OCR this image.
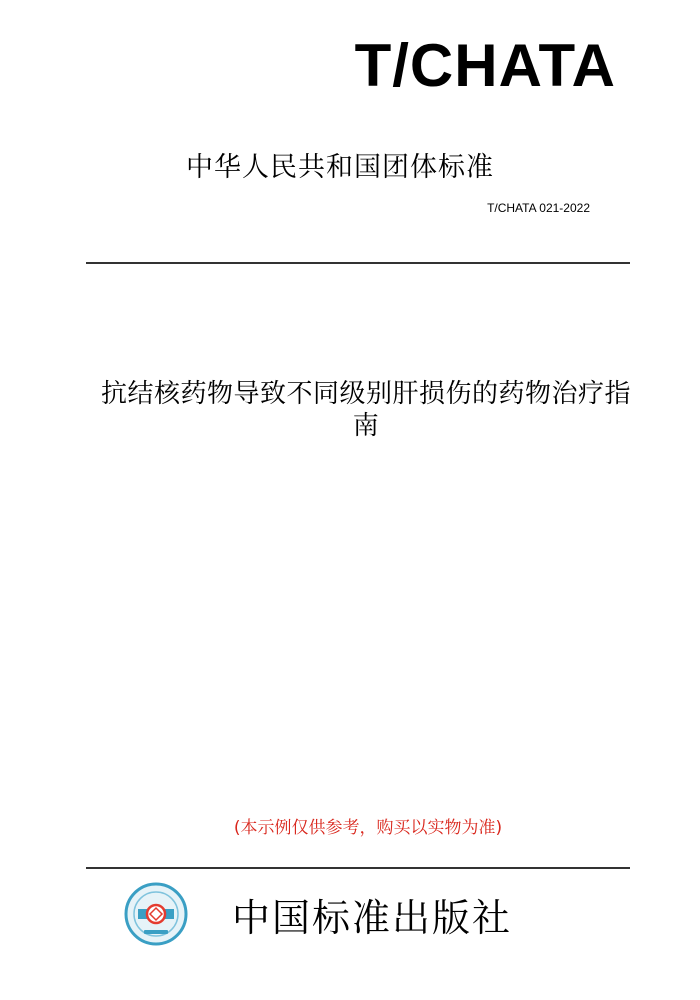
T/CHATA
中华人民共和国团体标准
T/CHATA 021-2022
抗结核药物导致不同级别肝损伤的药物治疗指
南
(本示例仅供参考，购买以实物为准)
中国标准出版社
